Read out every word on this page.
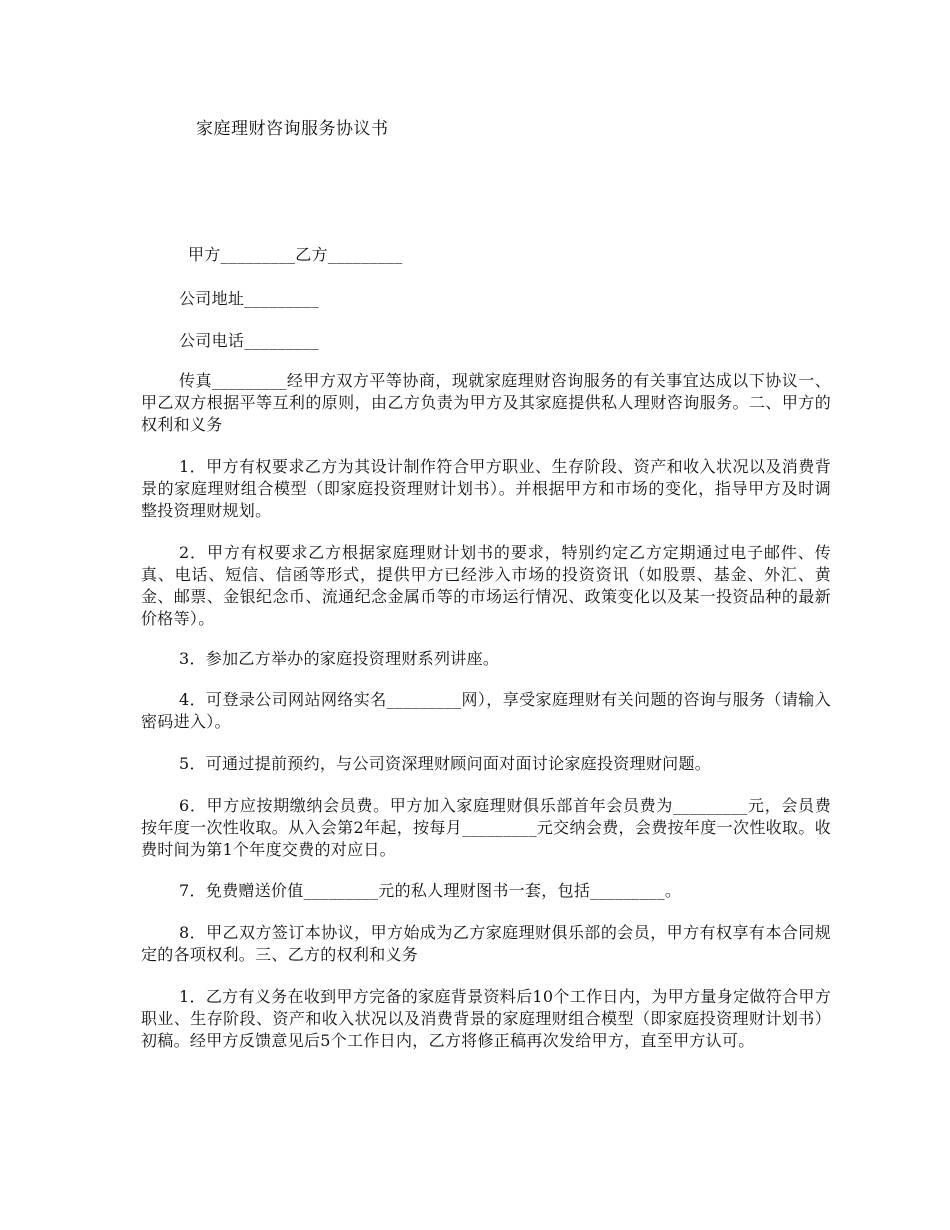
家庭理财咨询服务协议书
甲方_________乙方_________
公司地址_________
公司电话_________

传真_________经甲方双方平等协商，现就家庭理财咨询服务的有关事宜达成以下协议一、甲乙双方根据平等互利的原则，由乙方负责为甲方及其家庭提供私人理财咨询服务。二、甲方的权利和义务

1．甲方有权要求乙方为其设计制作符合甲方职业、生存阶段、资产和收入状况以及消费背景的家庭理财组合模型（即家庭投资理财计划书）。并根据甲方和市场的变化，指导甲方及时调整投资理财规划。

2．甲方有权要求乙方根据家庭理财计划书的要求，特别约定乙方定期通过电子邮件、传真、电话、短信、信函等形式，提供甲方已经涉入市场的投资资讯（如股票、基金、外汇、黄金、邮票、金银纪念币、流通纪念金属币等的市场运行情况、政策变化以及某一投资品种的最新价格等）。

3．参加乙方举办的家庭投资理财系列讲座。

4．可登录公司网站网络实名_________网），享受家庭理财有关问题的咨询与服务（请输入密码进入）。

5．可通过提前预约，与公司资深理财顾问面对面讨论家庭投资理财问题。

6．甲方应按期缴纳会员费。甲方加入家庭理财俱乐部首年会员费为_________元，会员费按年度一次性收取。从入会第2年起，按每月_________元交纳会费，会费按年度一次性收取。收费时间为第1个年度交费的对应日。

7．免费赠送价值_________元的私人理财图书一套，包括_________。

8．甲乙双方签订本协议，甲方始成为乙方家庭理财俱乐部的会员，甲方有权享有本合同规定的各项权利。三、乙方的权利和义务

1．乙方有义务在收到甲方完备的家庭背景资料后10个工作日内，为甲方量身定做符合甲方职业、生存阶段、资产和收入状况以及消费背景的家庭理财组合模型（即家庭投资理财计划书）初稿。经甲方反馈意见后5个工作日内，乙方将修正稿再次发给甲方，直至甲方认可。
